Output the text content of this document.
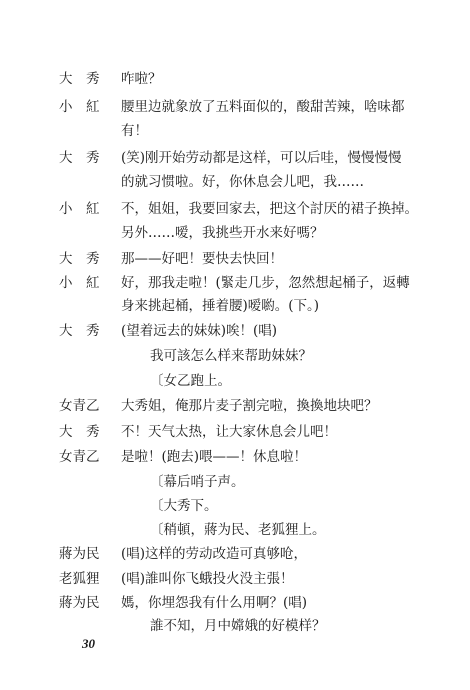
大　秀 咋啦？
小　紅 腰里边就象放了五料面似的，酸甜苦辣，啥味都
有！
大　秀 (笑)刚开始劳动都是这样，可以后哇，慢慢慢慢
的就习惯啦。好，你休息会儿吧，我……
小　紅 不，姐姐，我要回家去，把这个討厌的裙子换掉。
另外……嗳，我挑些开水来好嗎？
大　秀 那——好吧！要快去快回！
小　紅 好，那我走啦！(緊走几步，忽然想起桶子，返轉
身来挑起桶，捶着腰)嗳喲。(下。)
大　秀 (望着远去的妹妹)唉！(唱)
我可該怎么样来帮助妹妹？
〔女乙跑上。
女青乙 大秀姐，俺那片麦子割完啦，換換地块吧？
大　秀 不！天气太热，让大家休息会儿吧！
女青乙 是啦！(跑去)喂——！休息啦！
〔幕后哨子声。
〔大秀下。
〔稍頓，蔣为民、老狐狸上。
蔣为民 (唱)这样的劳动改造可真够呛，
老狐狸 (唱)誰叫你飞蛾投火没主張！
蔣为民 媽，你埋怨我有什么用啊？(唱)
誰不知，月中嫦娥的好模样？
30
